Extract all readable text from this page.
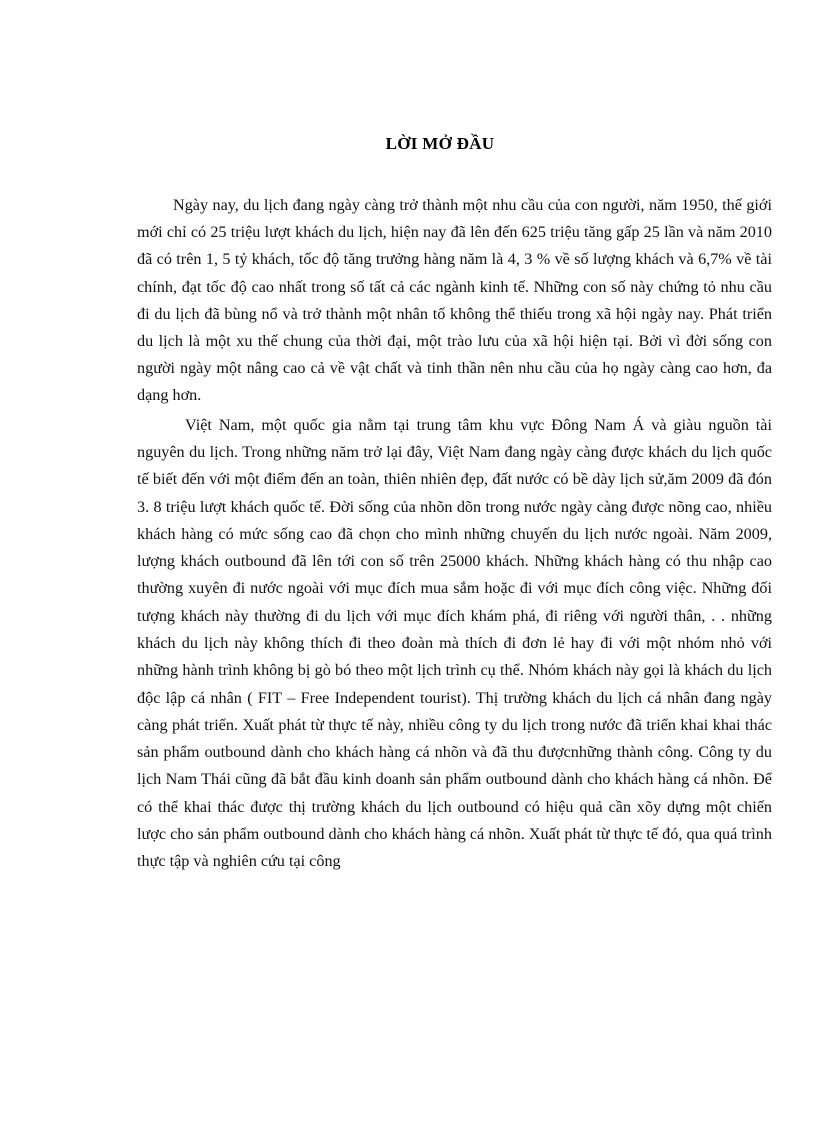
LỜI MỞ ĐẦU

Ngày nay, du lịch đang ngày càng trở thành một nhu cầu của con người, năm 1950, thế giới mới chỉ có 25 triệu lượt khách du lịch, hiện nay đã lên đến 625 triệu tăng gấp 25 lần và năm 2010 đã có trên 1, 5 tỷ khách, tốc độ tăng trưởng hàng năm là 4, 3 % về số lượng khách và 6,7% về tài chính, đạt tốc độ cao nhất trong số tất cả các ngành kinh tế. Những con số này chứng tỏ nhu cầu đi du lịch đã bùng nổ và trở thành một nhân tố không thể thiếu trong xã hội ngày nay. Phát triển du lịch là một xu thế chung của thời đại, một trào lưu của xã hội hiện tại. Bởi vì đời sống con người ngày một nâng cao cả về vật chất và tinh thần nên nhu cầu của họ ngày càng cao hơn, đa dạng hơn.

Việt Nam, một quốc gia nằm tại trung tâm khu vực Đông Nam Á và giàu nguồn tài nguyên du lịch. Trong những năm trở lại đây, Việt Nam đang ngày càng được khách du lịch quốc tế biết đến với một điểm đến an toàn, thiên nhiên đẹp, đất nước có bề dày lịch sử,ăm 2009 đã đón 3. 8 triệu lượt khách quốc tế. Đời sống của nhõn dõn trong nước ngày càng được nõng cao, nhiều khách hàng có mức sống cao đã chọn cho mình những chuyến du lịch nước ngoài. Năm 2009, lượng khách outbound đã lên tới con số trên 25000 khách. Những khách hàng có thu nhập cao thường xuyên đi nước ngoài với mục đích mua sắm hoặc đi với mục đích công việc. Những đối tượng khách này thường đi du lịch với mục đích khám phá, đi riêng với người thân, . . những khách du lịch này không thích đi theo đoàn mà thích đi đơn lẻ hay đi với một nhóm nhỏ với những hành trình không bị gò bó theo một lịch trình cụ thể. Nhóm khách này gọi là khách du lịch độc lập cá nhân ( FIT – Free Independent tourist). Thị trường khách du lịch cá nhân đang ngày càng phát triển. Xuất phát từ thực tế này, nhiều công ty du lịch trong nước đã triển khai khai thác sản phẩm outbound dành cho khách hàng cá nhõn và đã thu đượcnhững thành công. Công ty du lịch Nam Thái cũng đã bắt đầu kinh doanh sản phẩm outbound dành cho khách hàng cá nhõn. Để có thể khai thác được thị trường khách du lịch outbound có hiệu quả cần xõy dựng một chiến lược cho sản phẩm outbound dành cho khách hàng cá nhõn. Xuất phát từ thực tế đó, qua quá trình thực tập và nghiên cứu tại công
